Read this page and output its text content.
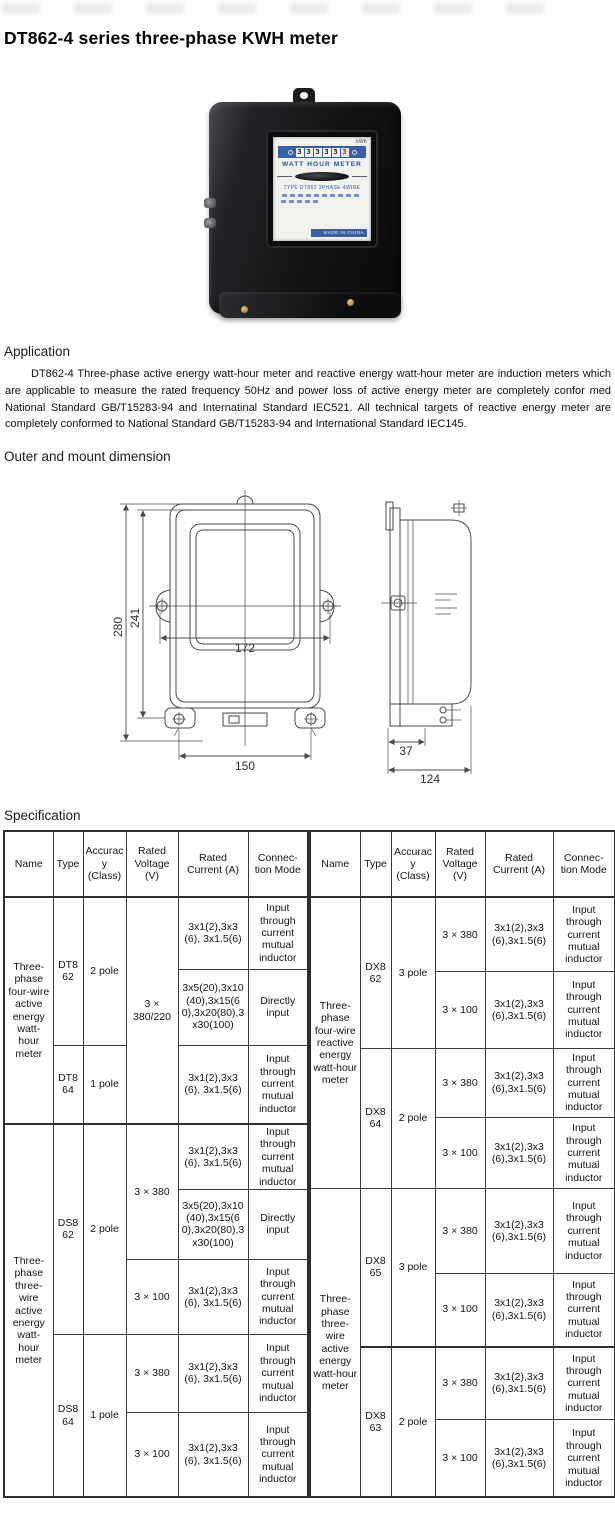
DT862-4 series three-phase KWH meter
kWh
3 3 3 3 3 3
WATT HOUR METER
TYPE DT862 3PHASE 4WIRE
MADE IN CHINA
Application
DT862-4 Three-phase active energy watt-hour meter and reactive energy watt-hour meter are induction meters which are applicable to measure the rated frequency 50Hz and power loss of active energy meter are completely confor med National Standard GB/T15283-94 and Internatinal Standard IEC521. All technical targets of reactive energy meter are completely conformed to National Standard GB/T15283-94 and International Standard IEC145.
Outer and mount dimension
280 241
172
150
37
124
Specification
Name	Type	Accuracy (Class)	Rated Voltage (V)	Rated Current (A)	Connec-tion Mode
Three-phase four-wire active energy watt-hour meter	DT862	2 pole	3 × 380/220	3x1(2),3x3(6), 3x1.5(6)	Input through current mutual inductor
				3x5(20),3x10(40),3x15(60),3x20(80),3x30(100)	Directly input
	DT864	1 pole		3x1(2),3x3(6), 3x1.5(6)	Input through current mutual inductor
Three-phase three-wire active energy watt-hour meter	DS862	2 pole	3 × 380	3x1(2),3x3(6), 3x1.5(6)	Input through current mutual inductor
				3x5(20),3x10(40),3x15(60),3x20(80),3x30(100)	Directly input
			3 × 100	3x1(2),3x3(6), 3x1.5(6)	Input through current mutual inductor
	DS864	1 pole	3 × 380	3x1(2),3x3(6), 3x1.5(6)	Input through current mutual inductor
			3 × 100	3x1(2),3x3(6), 3x1.5(6)	Input through current mutual inductor
Name	Type	Accuracy (Class)	Rated Voltage (V)	Rated Current (A)	Connec-tion Mode
Three-phase four-wire reactive energy watt-hour meter	DX862	3 pole	3 × 380	3x1(2),3x3(6),3x1.5(6)	Input through current mutual inductor
			3 × 100	3x1(2),3x3(6),3x1.5(6)	Input through current mutual inductor
	DX864	2 pole	3 × 380	3x1(2),3x3(6),3x1.5(6)	Input through current mutual inductor
			3 × 100	3x1(2),3x3(6),3x1.5(6)	Input through current mutual inductor
Three-phase three-wire active energy watt-hour meter	DX865	3 pole	3 × 380	3x1(2),3x3(6),3x1.5(6)	Input through current mutual inductor
			3 × 100	3x1(2),3x3(6),3x1.5(6)	Input through current mutual inductor
	DX863	2 pole	3 × 380	3x1(2),3x3(6),3x1.5(6)	Input through current mutual inductor
			3 × 100	3x1(2),3x3(6),3x1.5(6)	Input through current mutual inductor
